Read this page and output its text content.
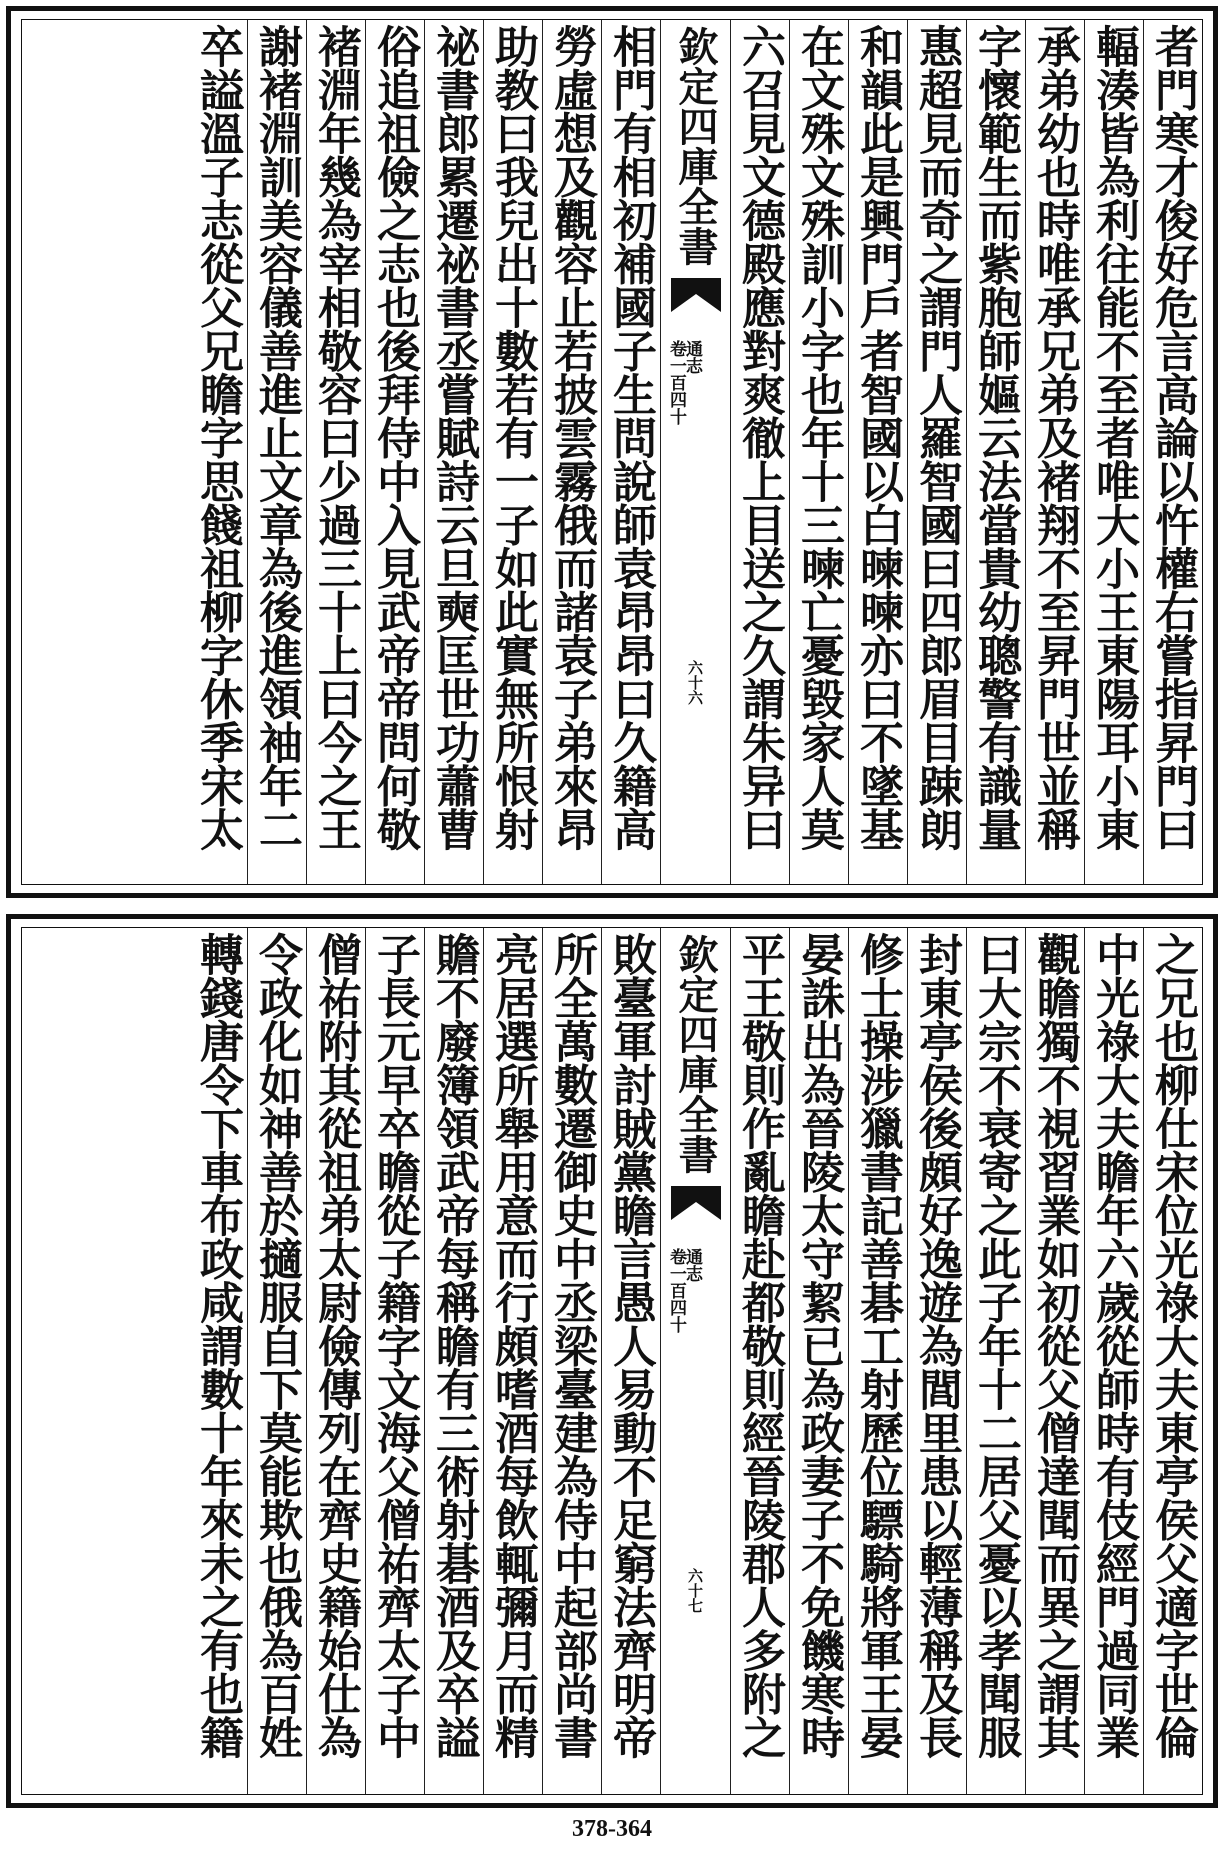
者門寒才俊好危言高論以忤權右嘗指昇門曰
輻湊皆為利往能不至者唯大小王東陽耳小東
承弟幼也時唯承兄弟及褚翔不至昇門世並稱
字懷範生而紫胞師嫗云法當貴幼聰警有識量
惠超見而奇之謂門人羅智國曰四郎眉目踈朗
和韻此是興門戶者智國以白暕暕亦曰不墜基
在文殊文殊訓小字也年十三暕亡憂毀家人莫
六召見文德殿應對爽徹上目送之久謂朱异曰
欽定四庫全書
通志
卷一百四十
六十六
相門有相初補國子生問說師袁昂昂曰久籍高
勞虛想及觀容止若披雲霧俄而諸袁子弟來昂
助教曰我兒出十數若有一子如此實無所恨射
祕書郎累遷祕書丞嘗賦詩云旦奭匡世功蕭曹
俗追祖儉之志也後拜侍中入見武帝帝問何敬
褚淵年幾為宰相敬容曰少過三十上曰今之王
謝褚淵訓美容儀善進止文章為後進領袖年二
卒謚溫子志從父兄瞻字思餞祖柳字休季宋太
之兄也柳仕宋位光祿大夫東亭侯父適字世倫
中光祿大夫瞻年六歲從師時有伎經門過同業
觀瞻獨不視習業如初從父僧達聞而異之謂其
曰大宗不衰寄之此子年十二居父憂以孝聞服
封東亭侯後頗好逸遊為閭里患以輕薄稱及長
修士操涉獵書記善碁工射歷位驃騎將軍王晏
晏誅出為晉陵太守絜已為政妻子不免饑寒時
平王敬則作亂瞻赴都敬則經晉陵郡人多附之
欽定四庫全書
通志
卷一百四十
六十七
敗臺軍討賊黨瞻言愚人易動不足窮法齊明帝
所全萬數遷御史中丞梁臺建為侍中起部尚書
亮居選所舉用意而行頗嗜酒每飲輒彌月而精
贍不廢簿領武帝每稱瞻有三術射碁酒及卒謚
子長元早卒瞻從子籍字文海父僧祐齊太子中
僧祐附其從祖弟太尉儉傳列在齊史籍始仕為
令政化如神善於擿服自下莫能欺也俄為百姓
轉錢唐令下車布政咸謂數十年來未之有也籍
378-364
